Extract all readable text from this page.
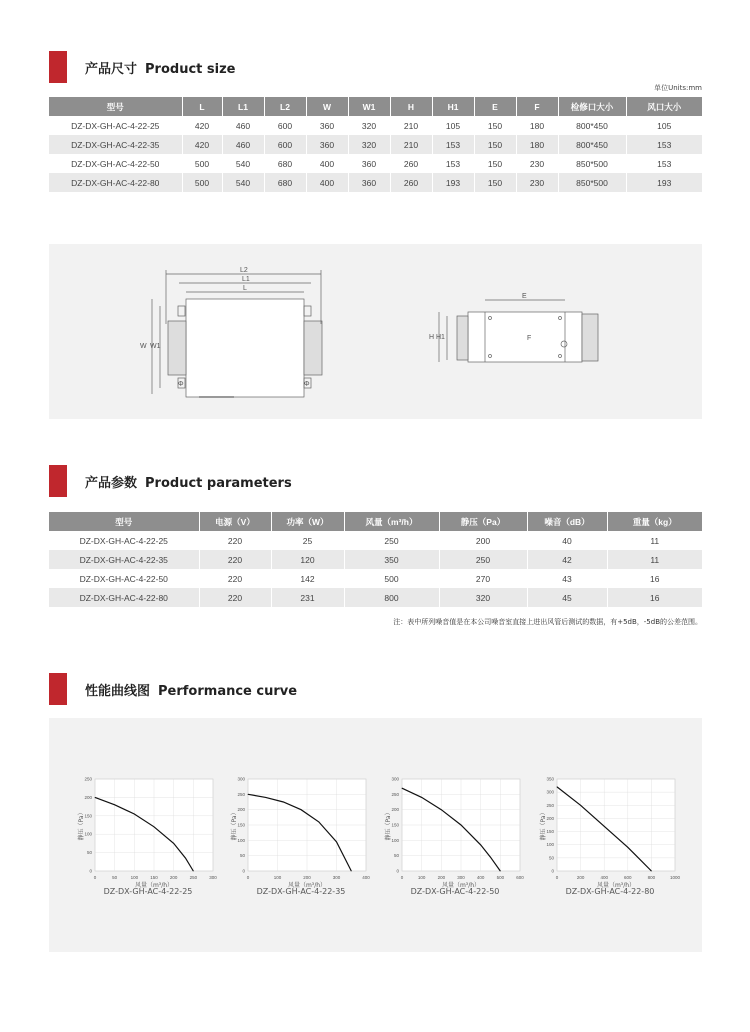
产品尺寸 Product size
单位Units:mm
型号	L	L1	L2	W	W1	H	H1	E	F	检修口大小	风口大小
DZ-DX-GH-AC-4-22-25	420	460	600	360	320	210	105	150	180	800*450	105
DZ-DX-GH-AC-4-22-35	420	460	600	360	320	210	153	150	180	800*450	153
DZ-DX-GH-AC-4-22-50	500	540	680	400	360	260	153	150	230	850*500	153
DZ-DX-GH-AC-4-22-80	500	540	680	400	360	260	193	150	230	850*500	193
L2
L1
L
W W1
E
F
H H1
Φ	Φ
产品参数 Product parameters
型号	电源（V）	功率（W）	风量（m³/h）	静压（Pa）	噪音（dB）	重量（kg）
DZ-DX-GH-AC-4-22-25	220	25	250	200	40	11
DZ-DX-GH-AC-4-22-35	220	120	350	250	42	11
DZ-DX-GH-AC-4-22-50	220	142	500	270	43	16
DZ-DX-GH-AC-4-22-80	220	231	800	320	45	16
注：表中所列噪音值是在本公司噪音室直接上进出风管后测试的数据，有+5dB，-5dB的公差范围。
性能曲线图 Performance curve
0	50	100	150	200	250	300
0
50
100
150
200
250
静压（Pa）
风量（m³/h）
DZ-DX-GH-AC-4-22-25
0	100	200	300	400
0
50
100
150
200
250
300
静压（Pa）
风量（m³/h）
DZ-DX-GH-AC-4-22-35
0	100	200	300	400	500	600
0
50
100
150
200
250
300
静压（Pa）
风量（m³/h）
DZ-DX-GH-AC-4-22-50
0	200	400	600	800	1000
0
50
100
150
200
250
300
350
静压（Pa）
风量（m³/h）
DZ-DX-GH-AC-4-22-80
